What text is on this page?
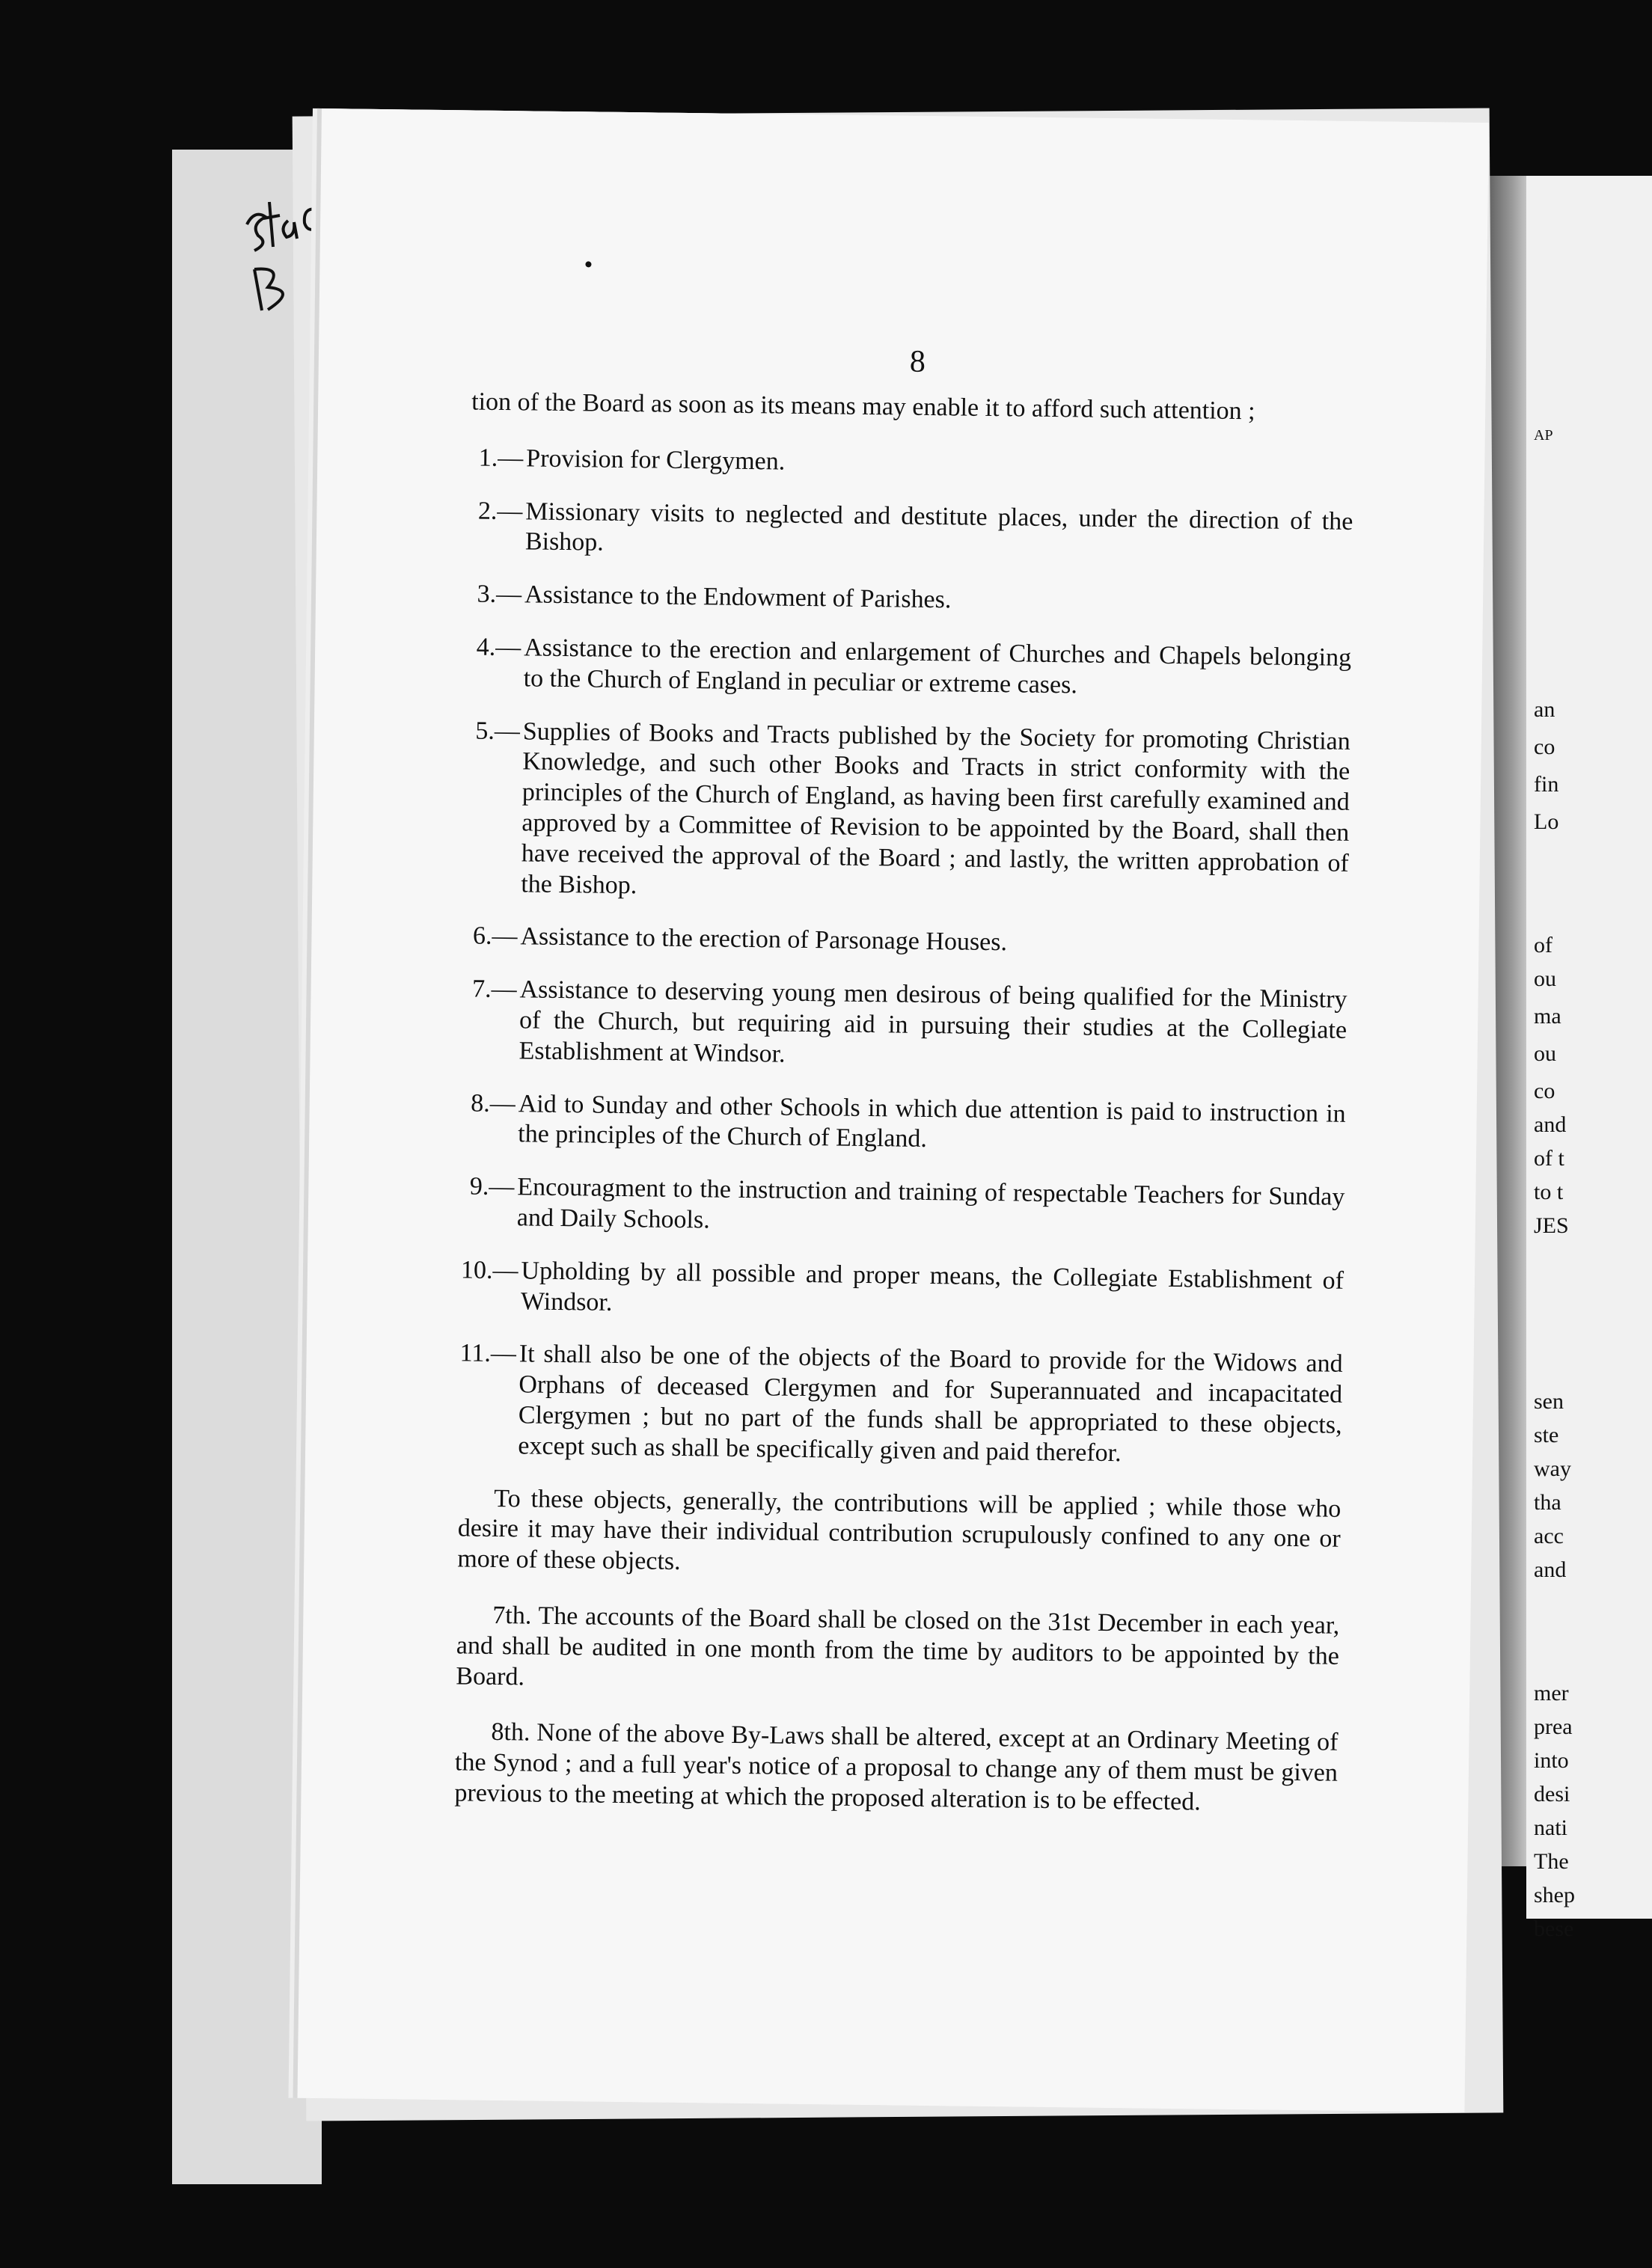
AP
an
co
fin
Lo
of
ou
ma
ou
co
and
of t
to t
JES
sen
ste
way
tha
acc
and
mer
prea
into
desi
nati
The
shep
bese
8

tion of the Board as soon as its means may enable it to afford such attention ;

1.— Provision for Clergymen.
2.— Missionary visits to neglected and destitute places, under the direction of the Bishop.
3.— Assistance to the Endowment of Parishes.
4.— Assistance to the erection and enlargement of Churches and Chapels belonging to the Church of England in peculiar or extreme cases.
5.— Supplies of Books and Tracts published by the Society for promoting Christian Knowledge, and such other Books and Tracts in strict conformity with the principles of the Church of England, as having been first carefully examined and approved by a Committee of Revision to be appointed by the Board, shall then have received the approval of the Board ; and lastly, the written approbation of the Bishop.
6.— Assistance to the erection of Parsonage Houses.
7.— Assistance to deserving young men desirous of being qualified for the Ministry of the Church, but requiring aid in pursuing their studies at the Collegiate Establishment at Windsor.
8.— Aid to Sunday and other Schools in which due attention is paid to instruction in the principles of the Church of England.
9.— Encouragment to the instruction and training of respectable Teachers for Sunday and Daily Schools.
10.— Upholding by all possible and proper means, the Collegiate Establishment of Windsor.
11.— It shall also be one of the objects of the Board to provide for the Widows and Orphans of deceased Clergymen and for Superannuated and incapacitated Clergymen ; but no part of the funds shall be appropriated to these objects, except such as shall be specifically given and paid therefor.

To these objects, generally, the contributions will be applied ; while those who desire it may have their individual contribution scrupulously confined to any one or more of these objects.

7th. The accounts of the Board shall be closed on the 31st December in each year, and shall be audited in one month from the time by auditors to be appointed by the Board.

8th. None of the above By-Laws shall be altered, except at an Ordinary Meeting of the Synod ; and a full year's notice of a proposal to change any of them must be given previous to the meeting at which the proposed alteration is to be effected.
